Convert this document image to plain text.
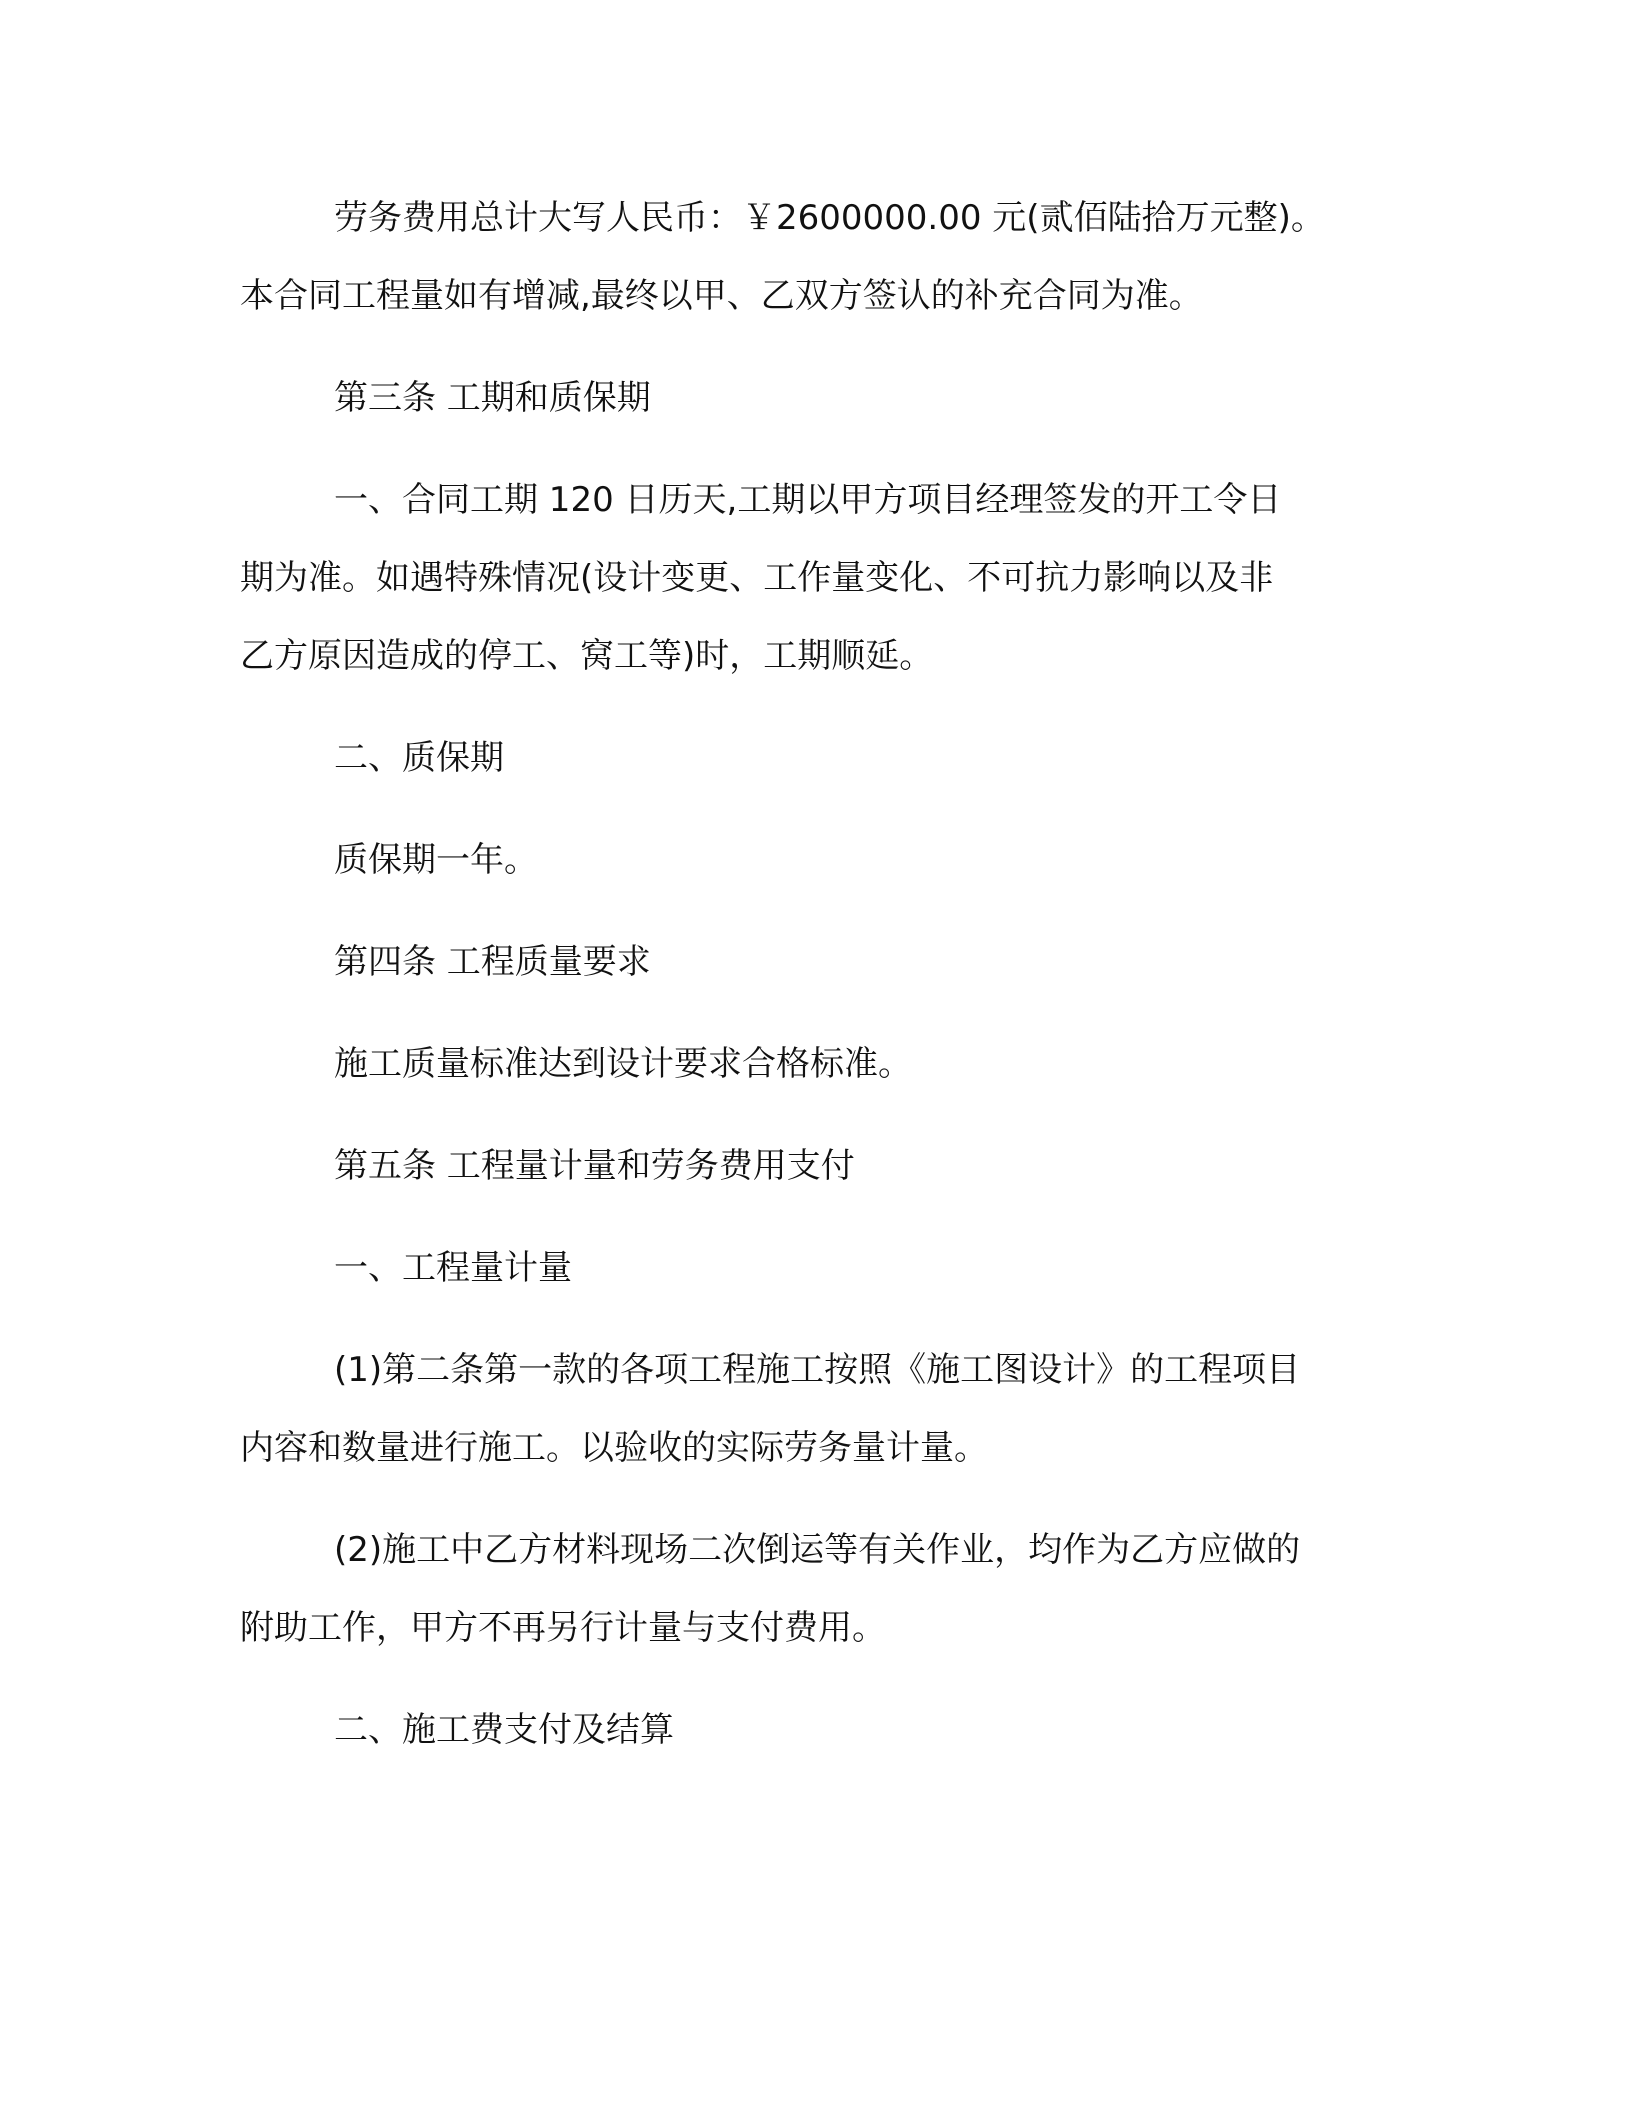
劳务费用总计大写人民币：￥2600000.00 元(贰佰陆拾万元整)。

本合同工程量如有增减,最终以甲、乙双方签认的补充合同为准。

第三条 工期和质保期

一、合同工期 120 日历天,工期以甲方项目经理签发的开工令日

期为准。如遇特殊情况(设计变更、工作量变化、不可抗力影响以及非

乙方原因造成的停工、窝工等)时，工期顺延。

二、质保期

质保期一年。

第四条 工程质量要求

施工质量标准达到设计要求合格标准。

第五条 工程量计量和劳务费用支付

一、工程量计量

(1)第二条第一款的各项工程施工按照《施工图设计》的工程项目

内容和数量进行施工。以验收的实际劳务量计量。

(2)施工中乙方材料现场二次倒运等有关作业，均作为乙方应做的

附助工作，甲方不再另行计量与支付费用。

二、施工费支付及结算
